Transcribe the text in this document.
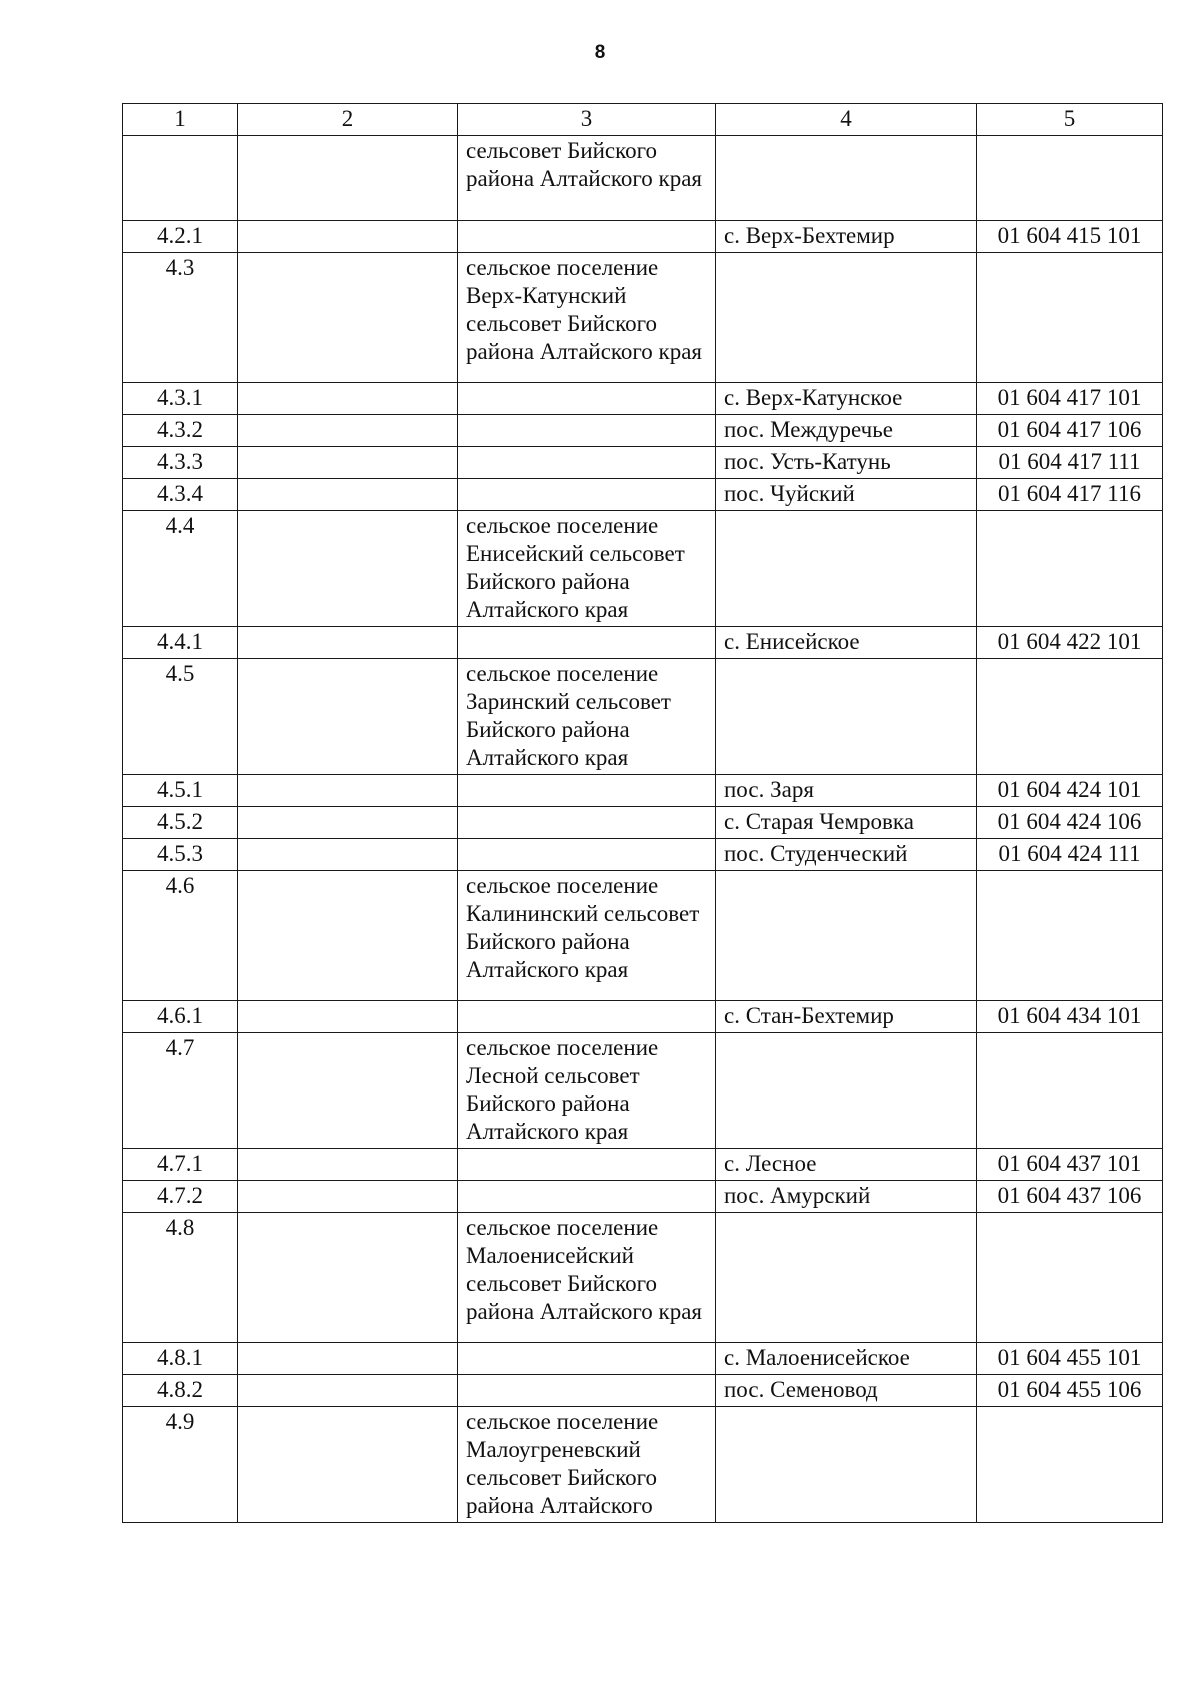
8
1	2	3	4	5
		сельсовет Бийского района Алтайского края		
4.2.1			с. Верх-Бехтемир	01 604 415 101
4.3		сельское поселение Верх-Катунский сельсовет Бийского района Алтайского края		
4.3.1			с. Верх-Катунское	01 604 417 101
4.3.2			пос. Междуречье	01 604 417 106
4.3.3			пос. Усть-Катунь	01 604 417 111
4.3.4			пос. Чуйский	01 604 417 116
4.4		сельское поселение Енисейский сельсовет Бийского района Алтайского края		
4.4.1			с. Енисейское	01 604 422 101
4.5		сельское поселение Заринский сельсовет Бийского района Алтайского края		
4.5.1			пос. Заря	01 604 424 101
4.5.2			с. Старая Чемровка	01 604 424 106
4.5.3			пос. Студенческий	01 604 424 111
4.6		сельское поселение Калининский сельсовет Бийского района Алтайского края		
4.6.1			с. Стан-Бехтемир	01 604 434 101
4.7		сельское поселение Лесной сельсовет Бийского района Алтайского края		
4.7.1			с. Лесное	01 604 437 101
4.7.2			пос. Амурский	01 604 437 106
4.8		сельское поселение Малоенисейский сельсовет Бийского района Алтайского края		
4.8.1			с. Малоенисейское	01 604 455 101
4.8.2			пос. Семеновод	01 604 455 106
4.9		сельское поселение Малоугреневский сельсовет Бийского района Алтайского		
